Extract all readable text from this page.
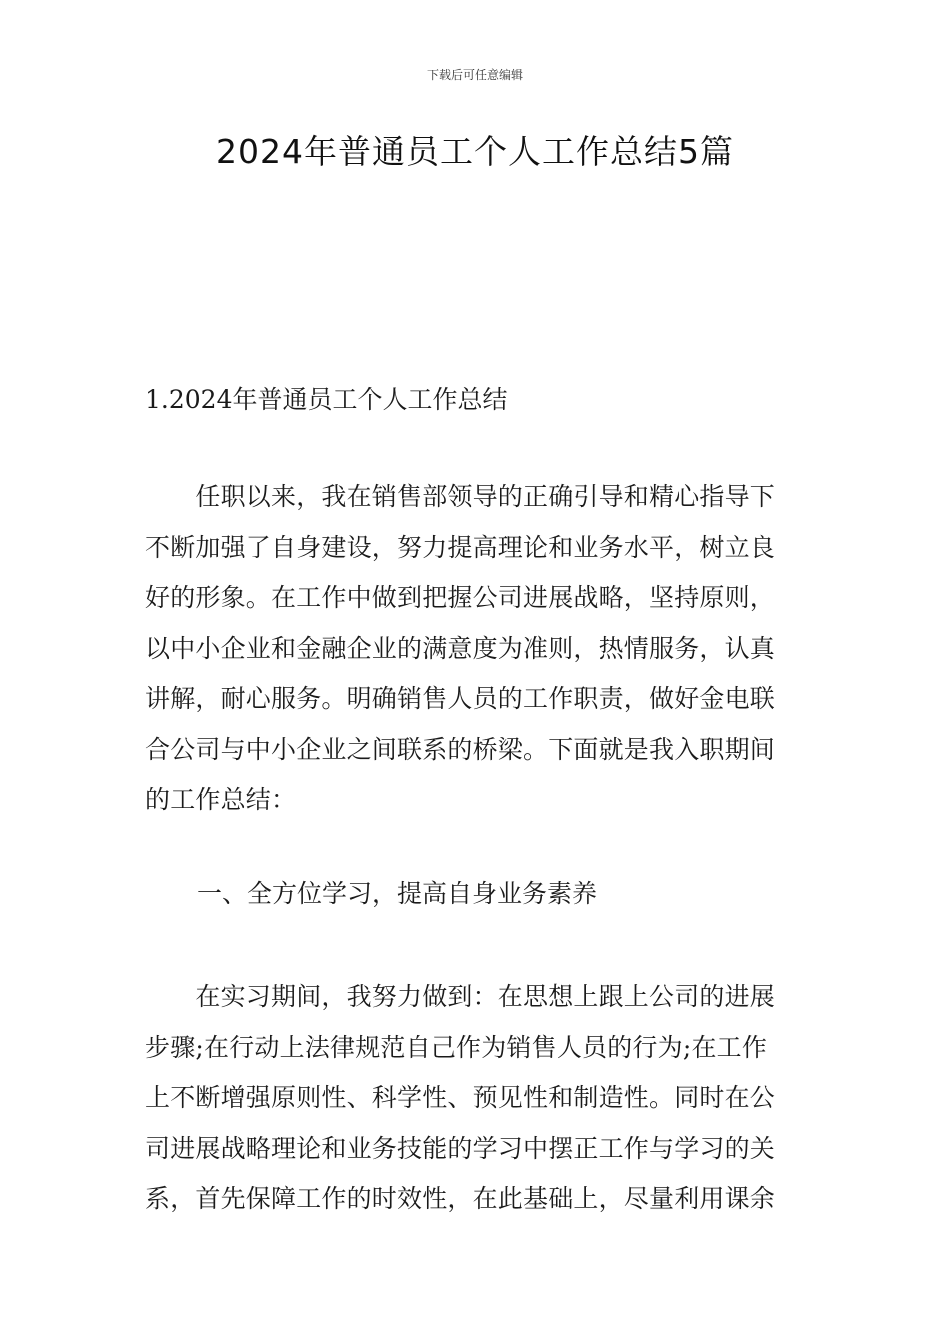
下载后可任意编辑
2024年普通员工个人工作总结5篇
1.2024年普通员工个人工作总结
　　任职以来，我在销售部领导的正确引导和精心指导下
不断加强了自身建设，努力提高理论和业务水平，树立良
好的形象。在工作中做到把握公司进展战略，坚持原则，
以中小企业和金融企业的满意度为准则，热情服务，认真
讲解，耐心服务。明确销售人员的工作职责，做好金电联
合公司与中小企业之间联系的桥梁。下面就是我入职期间
的工作总结：
一、全方位学习，提高自身业务素养
　　在实习期间，我努力做到：在思想上跟上公司的进展
步骤;在行动上法律规范自己作为销售人员的行为;在工作
上不断增强原则性、科学性、预见性和制造性。同时在公
司进展战略理论和业务技能的学习中摆正工作与学习的关
系，首先保障工作的时效性，在此基础上，尽量利用课余
